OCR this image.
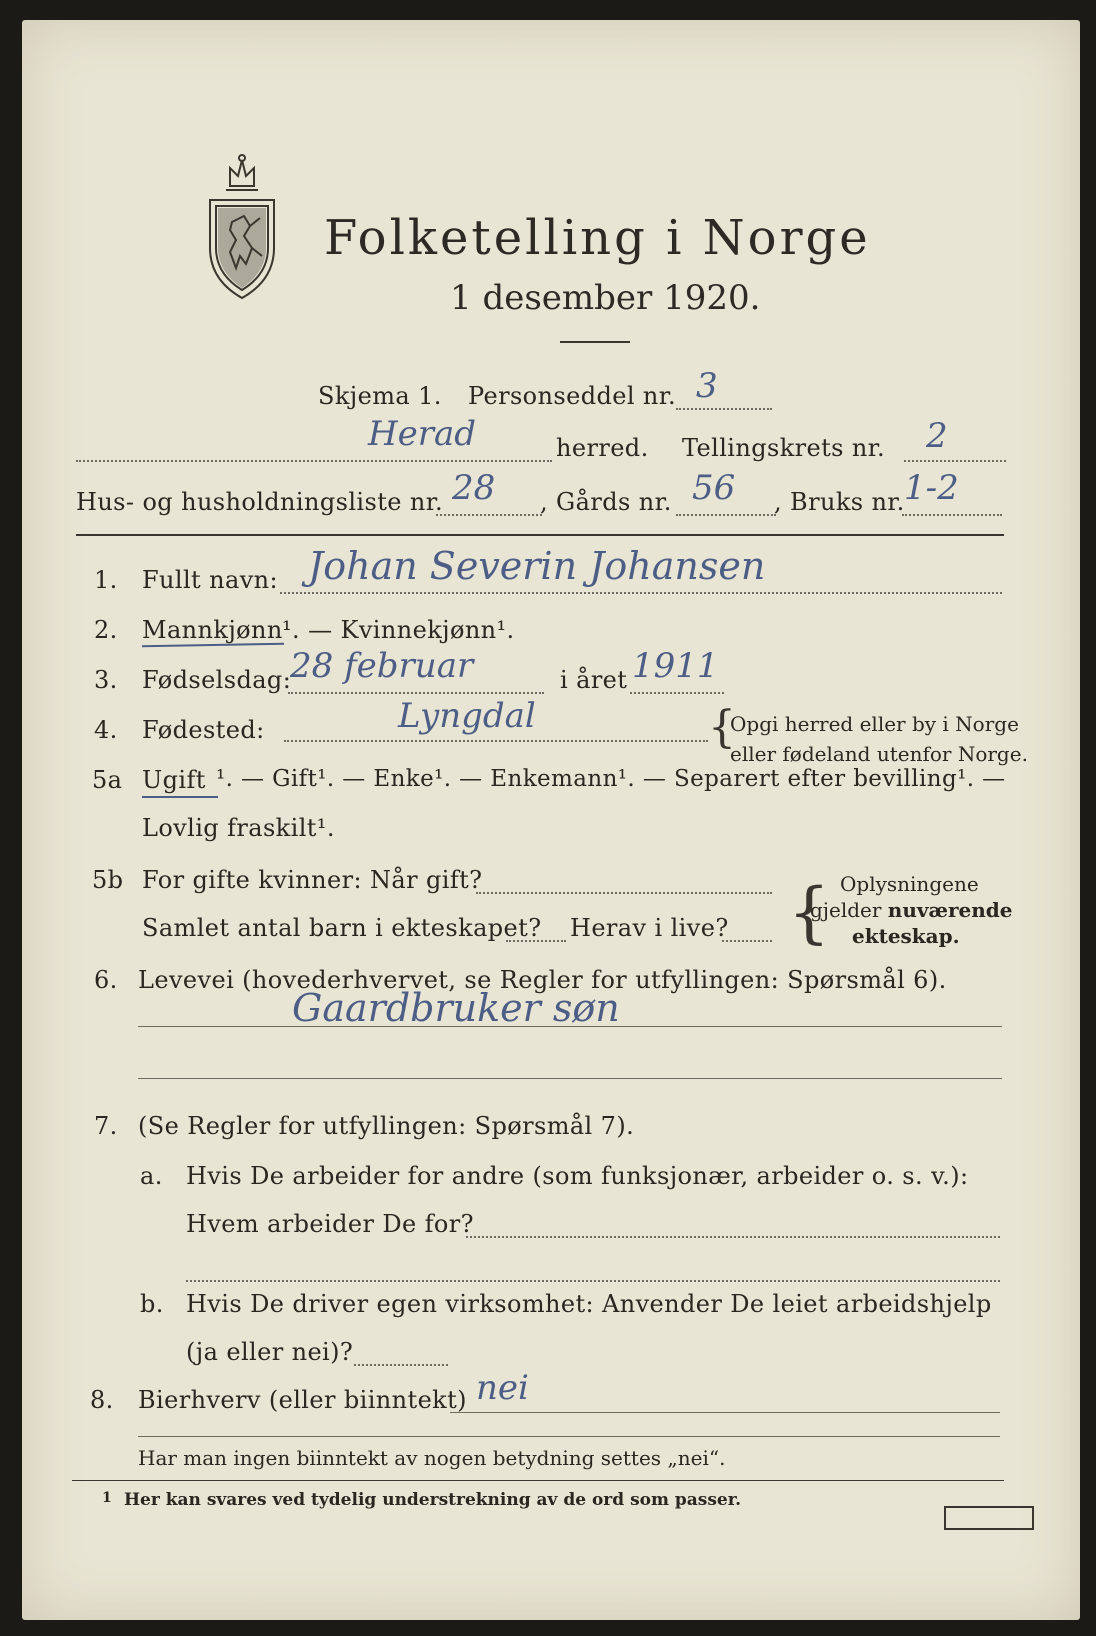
Folketelling i Norge
1 desember 1920.
Skjema 1. Personseddel nr. 3
Herad	herred. Tellingskrets nr. 2
Hus- og husholdningsliste nr. 28 , Gårds nr. 56 , Bruks nr. 1-2
1. Fullt navn: Johan Severin Johansen
2. Mannkjønn ¹. — Kvinnekjønn¹.
3. Fødselsdag:
28 februar	i året 1911
4. Fødested:	Lyngdal	{
Opgi herred eller by i Norge
eller fødeland utenfor Norge.
5a Ugift ¹. — Gift¹. — Enke¹. — Enkemann¹. — Separert efter bevilling¹. —
Lovlig fraskilt¹.
5b For gifte kvinner: Når gift?
Samlet antal barn i ekteskapet? Herav i live? { Oplysningene
gjelder nuværende
ekteskap.
6. Levevei (hovederhvervet, se Regler for utfyllingen: Spørsmål 6).
Gaardbruker søn
7. (Se Regler for utfyllingen: Spørsmål 7).
a. Hvis De arbeider for andre (som funksjonær, arbeider o. s. v.):
Hvem arbeider De for?
b. Hvis De driver egen virksomhet: Anvender De leiet arbeidshjelp
(ja eller nei)?
8. Bierhverv (eller biinntekt) nei
Har man ingen biinntekt av nogen betydning settes „nei“.
1 Her kan svares ved tydelig understrekning av de ord som passer.
